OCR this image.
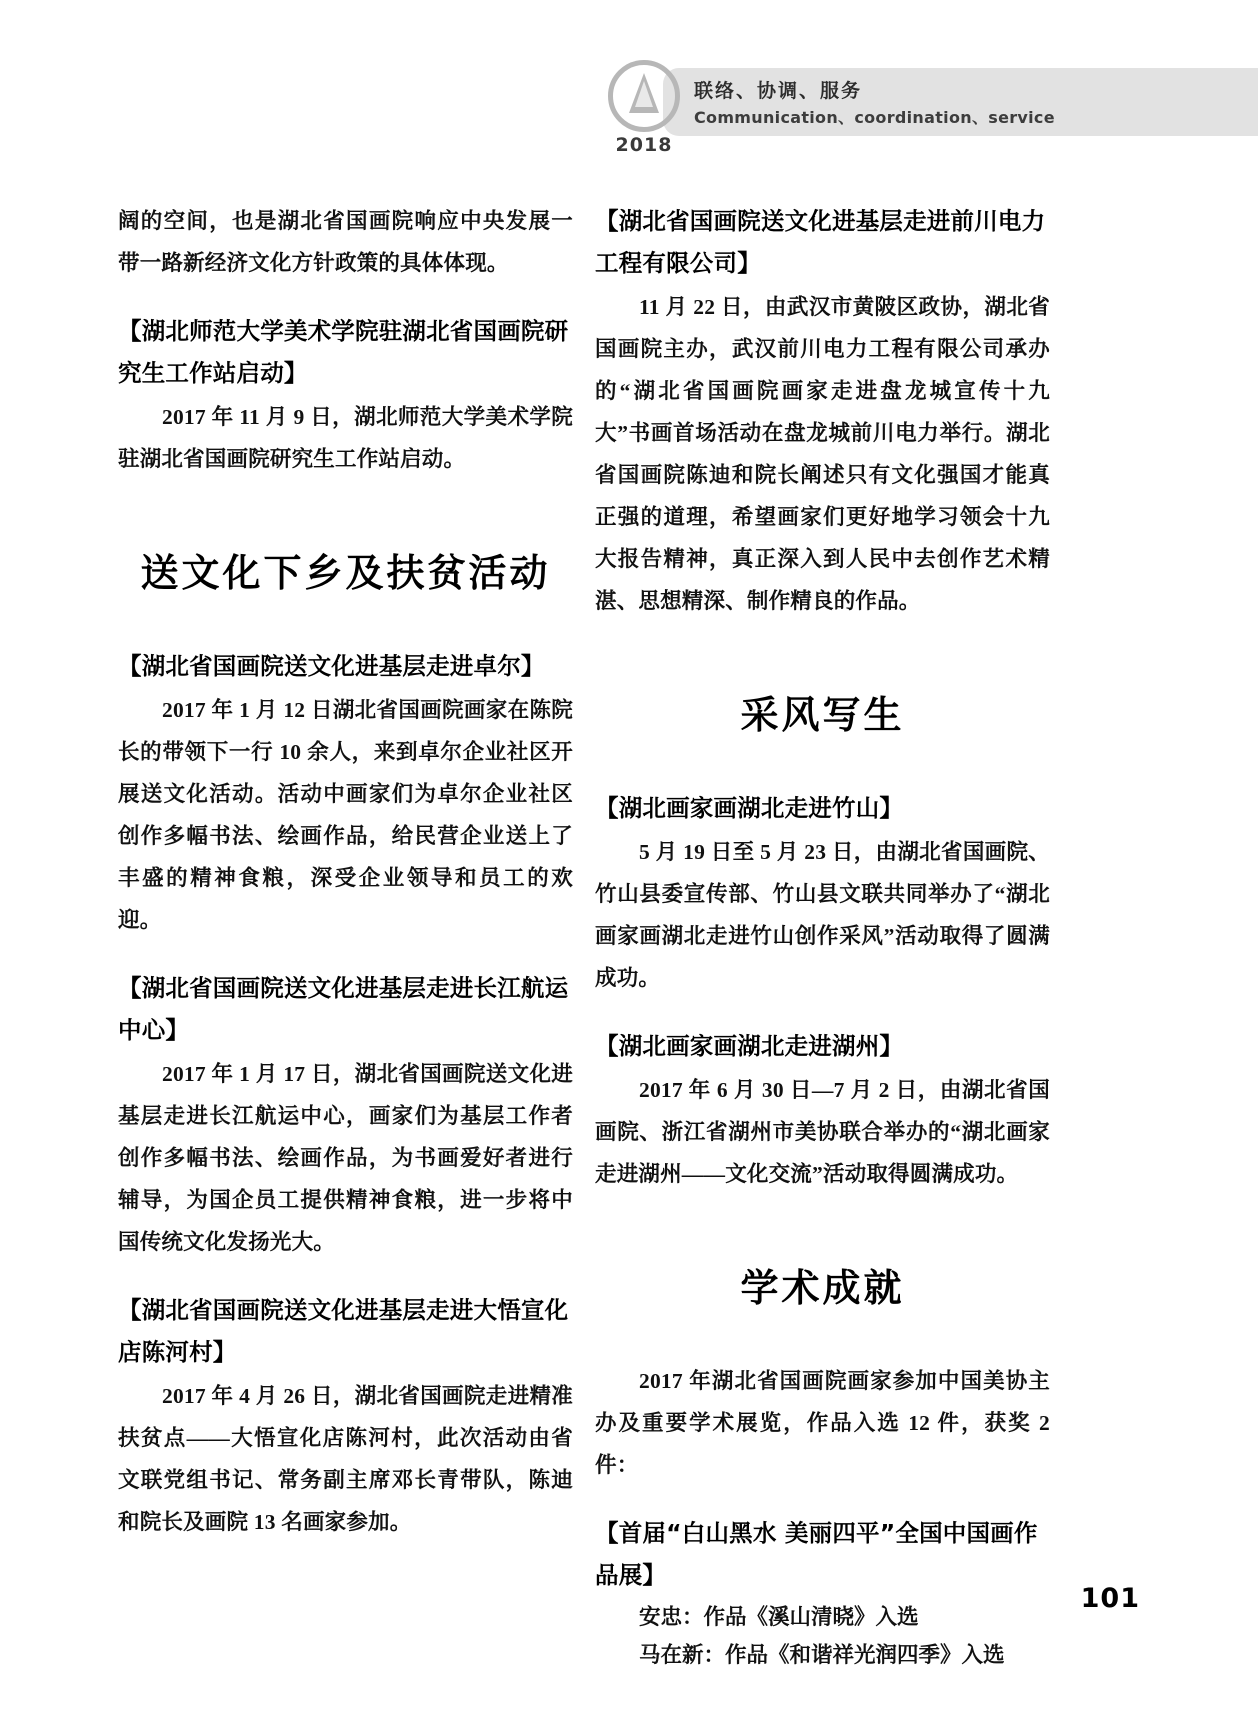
2018
联络、协调、服务
Communication、coordination、service

阔的空间，也是湖北省国画院响应中央发展一带一路新经济文化方针政策的具体体现。

【湖北师范大学美术学院驻湖北省国画院研究生工作站启动】

2017 年 11 月 9 日，湖北师范大学美术学院驻湖北省国画院研究生工作站启动。

送文化下乡及扶贫活动
【湖北省国画院送文化进基层走进卓尔】

2017 年 1 月 12 日湖北省国画院画家在陈院长的带领下一行 10 余人，来到卓尔企业社区开展送文化活动。活动中画家们为卓尔企业社区创作多幅书法、绘画作品，给民营企业送上了丰盛的精神食粮，深受企业领导和员工的欢迎。

【湖北省国画院送文化进基层走进长江航运中心】

2017 年 1 月 17 日，湖北省国画院送文化进基层走进长江航运中心，画家们为基层工作者创作多幅书法、绘画作品，为书画爱好者进行辅导，为国企员工提供精神食粮，进一步将中国传统文化发扬光大。

【湖北省国画院送文化进基层走进大悟宣化店陈河村】

2017 年 4 月 26 日，湖北省国画院走进精准扶贫点——大悟宣化店陈河村，此次活动由省文联党组书记、常务副主席邓长青带队，陈迪和院长及画院 13 名画家参加。

【湖北省国画院送文化进基层走进前川电力工程有限公司】

11 月 22 日，由武汉市黄陂区政协，湖北省国画院主办，武汉前川电力工程有限公司承办的“湖北省国画院画家走进盘龙城宣传十九大”书画首场活动在盘龙城前川电力举行。湖北省国画院陈迪和院长阐述只有文化强国才能真正强的道理，希望画家们更好地学习领会十九大报告精神，真正深入到人民中去创作艺术精湛、思想精深、制作精良的作品。

采风写生
【湖北画家画湖北走进竹山】

5 月 19 日至 5 月 23 日，由湖北省国画院、竹山县委宣传部、竹山县文联共同举办了“湖北画家画湖北走进竹山创作采风”活动取得了圆满成功。

【湖北画家画湖北走进湖州】

2017 年 6 月 30 日—7 月 2 日，由湖北省国画院、浙江省湖州市美协联合举办的“湖北画家走进湖州——文化交流”活动取得圆满成功。

学术成就

2017 年湖北省国画院画家参加中国美协主办及重要学术展览，作品入选 12 件，获奖 2 件：

【首届“白山黑水 美丽四平”全国中国画作品展】

安忠：作品《溪山清晓》入选

马在新：作品《和谐祥光润四季》入选

101
